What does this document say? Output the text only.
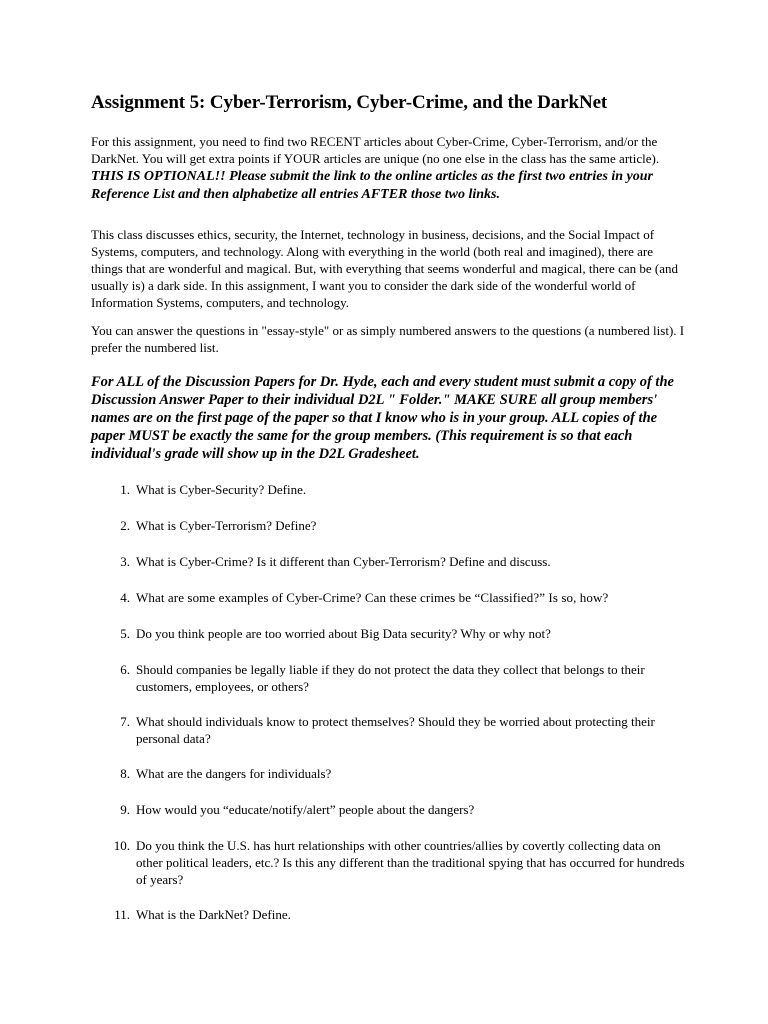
Assignment 5: Cyber-Terrorism, Cyber-Crime, and the DarkNet

For this assignment, you need to find two RECENT articles about Cyber-Crime, Cyber-Terrorism, and/or the DarkNet. You will get extra points if YOUR articles are unique (no one else in the class has the same article). THIS IS OPTIONAL!! Please submit the link to the online articles as the first two entries in your Reference List and then alphabetize all entries AFTER those two links.

This class discusses ethics, security, the Internet, technology in business, decisions, and the Social Impact of Systems, computers, and technology. Along with everything in the world (both real and imagined), there are things that are wonderful and magical. But, with everything that seems wonderful and magical, there can be (and usually is) a dark side. In this assignment, I want you to consider the dark side of the wonderful world of Information Systems, computers, and technology.

You can answer the questions in "essay-style" or as simply numbered answers to the questions (a numbered list). I prefer the numbered list.

For ALL of the Discussion Papers for Dr. Hyde, each and every student must submit a copy of the Discussion Answer Paper to their individual D2L " Folder." MAKE SURE all group members' names are on the first page of the paper so that I know who is in your group. ALL copies of the paper MUST be exactly the same for the group members. (This requirement is so that each individual's grade will show up in the D2L Gradesheet.

1. What is Cyber-Security? Define.
2. What is Cyber-Terrorism? Define?
3. What is Cyber-Crime? Is it different than Cyber-Terrorism? Define and discuss.
4. What are some examples of Cyber-Crime? Can these crimes be “Classified?” Is so, how?
5. Do you think people are too worried about Big Data security? Why or why not?
6. Should companies be legally liable if they do not protect the data they collect that belongs to their customers, employees, or others?
7. What should individuals know to protect themselves? Should they be worried about protecting their personal data?
8. What are the dangers for individuals?
9. How would you “educate/notify/alert” people about the dangers?
10. Do you think the U.S. has hurt relationships with other countries/allies by covertly collecting data on other political leaders, etc.? Is this any different than the traditional spying that has occurred for hundreds of years?
11. What is the DarkNet? Define.
